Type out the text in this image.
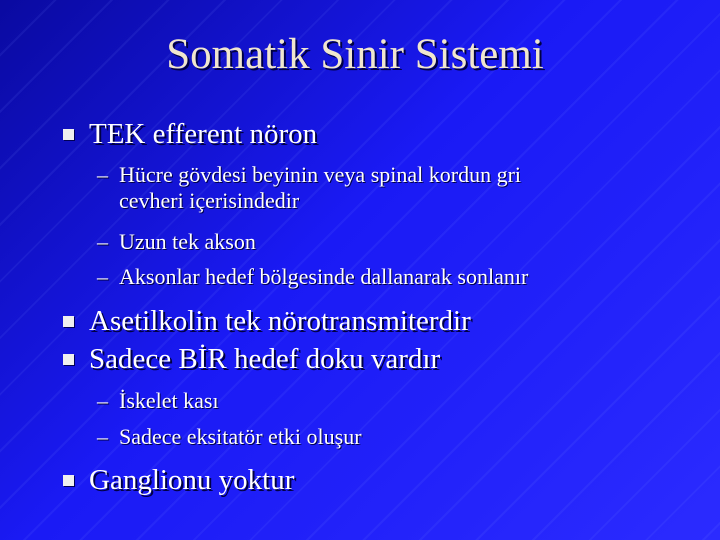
Somatik Sinir Sistemi
TEK efferent nöron
– Hücre gövdesi beyinin veya spinal kordun gri
cevheri içerisindedir
– Uzun tek akson
– Aksonlar hedef bölgesinde dallanarak sonlanır
Asetilkolin tek nörotransmiterdir
Sadece BİR hedef doku vardır
– İskelet kası
– Sadece eksitatör etki oluşur
Ganglionu yoktur
